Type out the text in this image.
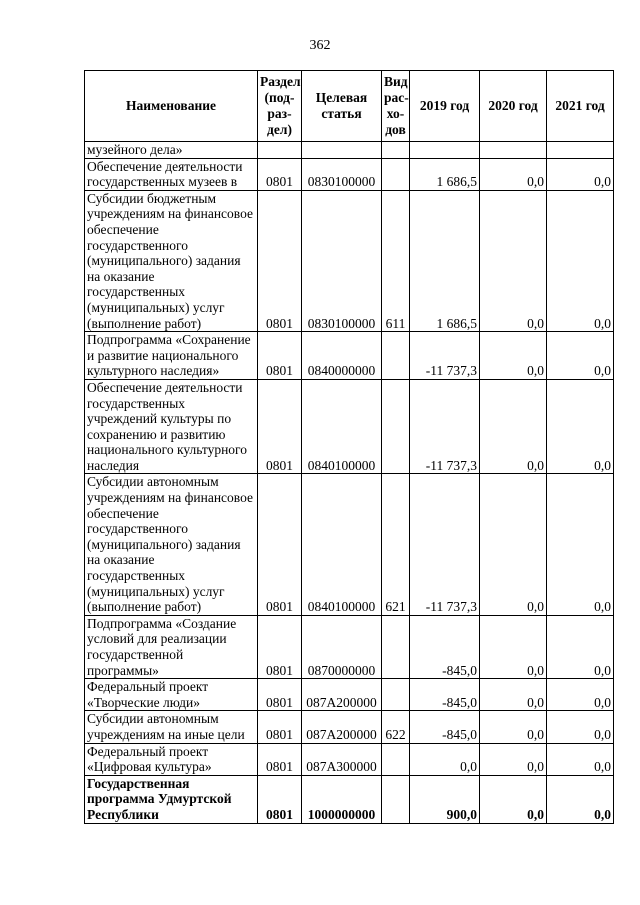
362
Наименование	Раздел (под-раз-дел)	Целевая статья	Вид рас-хо-дов	2019 год	2020 год	2021 год
музейного дела»						
Обеспечение деятельности государственных музеев в	0801	0830100000		1 686,5	0,0	0,0
Субсидии бюджетным учреждениям на финансовое обеспечение государственного (муниципального) задания на оказание государственных (муниципальных) услуг (выполнение работ)	0801	0830100000	611	1 686,5	0,0	0,0
Подпрограмма «Сохранение и развитие национального культурного наследия»	0801	0840000000		-11 737,3	0,0	0,0
Обеспечение деятельности государственных учреждений культуры по сохранению и развитию национального культурного наследия	0801	0840100000		-11 737,3	0,0	0,0
Субсидии автономным учреждениям на финансовое обеспечение государственного (муниципального) задания на оказание государственных (муниципальных) услуг (выполнение работ)	0801	0840100000	621	-11 737,3	0,0	0,0
Подпрограмма «Создание условий для реализации государственной программы»	0801	0870000000		-845,0	0,0	0,0
Федеральный проект «Творческие люди»	0801	087A200000		-845,0	0,0	0,0
Субсидии автономным учреждениям на иные цели	0801	087A200000	622	-845,0	0,0	0,0
Федеральный проект «Цифровая культура»	0801	087A300000		0,0	0,0	0,0
Государственная программа Удмуртской Республики	0801	1000000000		900,0	0,0	0,0
